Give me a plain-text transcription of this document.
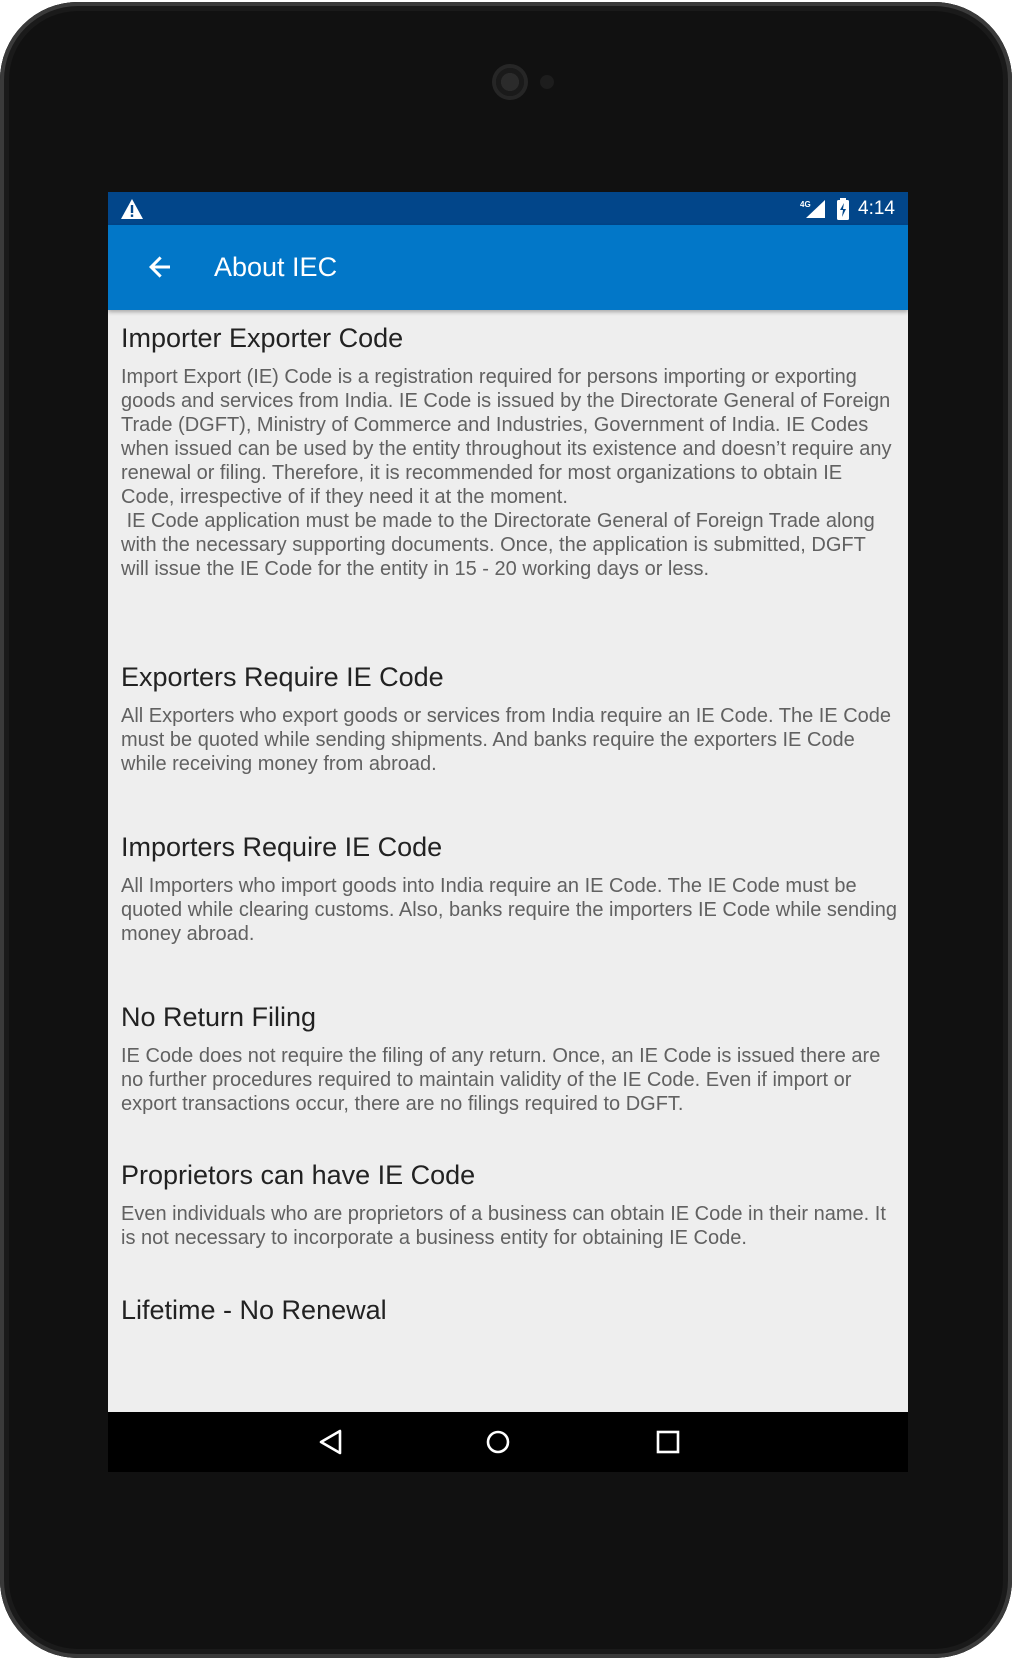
4G 4:14
About IEC
Importer Exporter Code

Import Export (IE) Code is a registration required for persons importing or exporting goods and services from India. IE Code is issued by the Directorate General of Foreign Trade (DGFT), Ministry of Commerce and Industries, Government of India. IE Codes when issued can be used by the entity throughout its existence and doesn’t require any renewal or filing. Therefore, it is recommended for most organizations to obtain IE Code, irrespective of if they need it at the moment.
IE Code application must be made to the Directorate General of Foreign Trade along with the necessary supporting documents. Once, the application is submitted, DGFT will issue the IE Code for the entity in 15 - 20 working days or less.

Exporters Require IE Code

All Exporters who export goods or services from India require an IE Code. The IE Code must be quoted while sending shipments. And banks require the exporters IE Code while receiving money from abroad.

Importers Require IE Code

All Importers who import goods into India require an IE Code. The IE Code must be quoted while clearing customs. Also, banks require the importers IE Code while sending money abroad.

No Return Filing

IE Code does not require the filing of any return. Once, an IE Code is issued there are no further procedures required to maintain validity of the IE Code. Even if import or export transactions occur, there are no filings required to DGFT.

Proprietors can have IE Code

Even individuals who are proprietors of a business can obtain IE Code in their name. It is not necessary to incorporate a business entity for obtaining IE Code.

Lifetime - No Renewal
